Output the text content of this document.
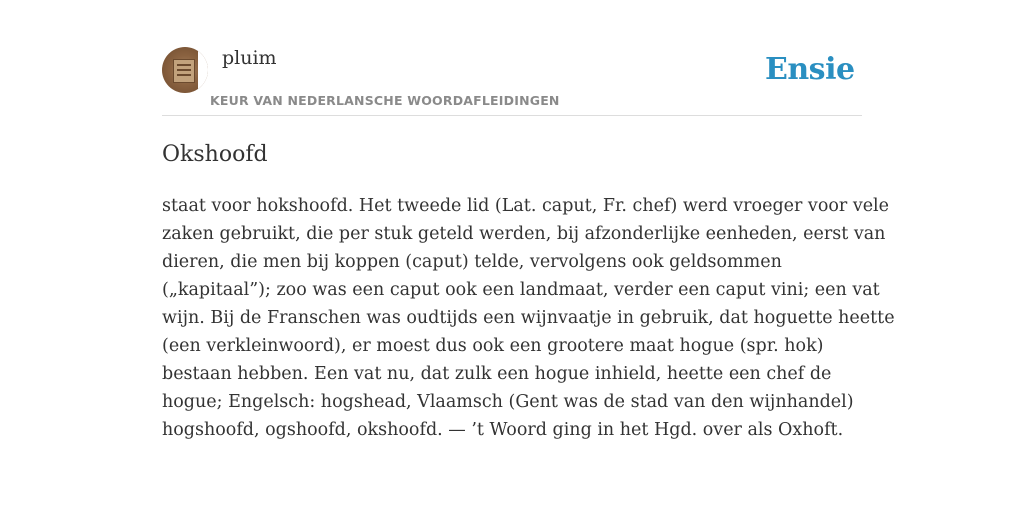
pluim
KEUR VAN NEDERLANSCHE WOORDAFLEIDINGEN
Ensie
Okshoofd

staat voor hokshoofd. Het tweede lid (Lat. caput, Fr. chef) werd vroeger voor vele
zaken gebruikt, die per stuk geteld werden, bij afzonderlijke eenheden, eerst van
dieren, die men bij koppen (caput) telde, vervolgens ook geldsommen
(„kapitaal”); zoo was een caput ook een landmaat, verder een caput vini; een vat
wijn. Bij de Franschen was oudtijds een wijnvaatje in gebruik, dat hoguette heette
(een verkleinwoord), er moest dus ook een grootere maat hogue (spr. hok)
bestaan hebben. Een vat nu, dat zulk een hogue inhield, heette een chef de
hogue; Engelsch: hogshead, Vlaamsch (Gent was de stad van den wijnhandel)
hogshoofd, ogshoofd, okshoofd. — ’t Woord ging in het Hgd. over als Oxhoft.
